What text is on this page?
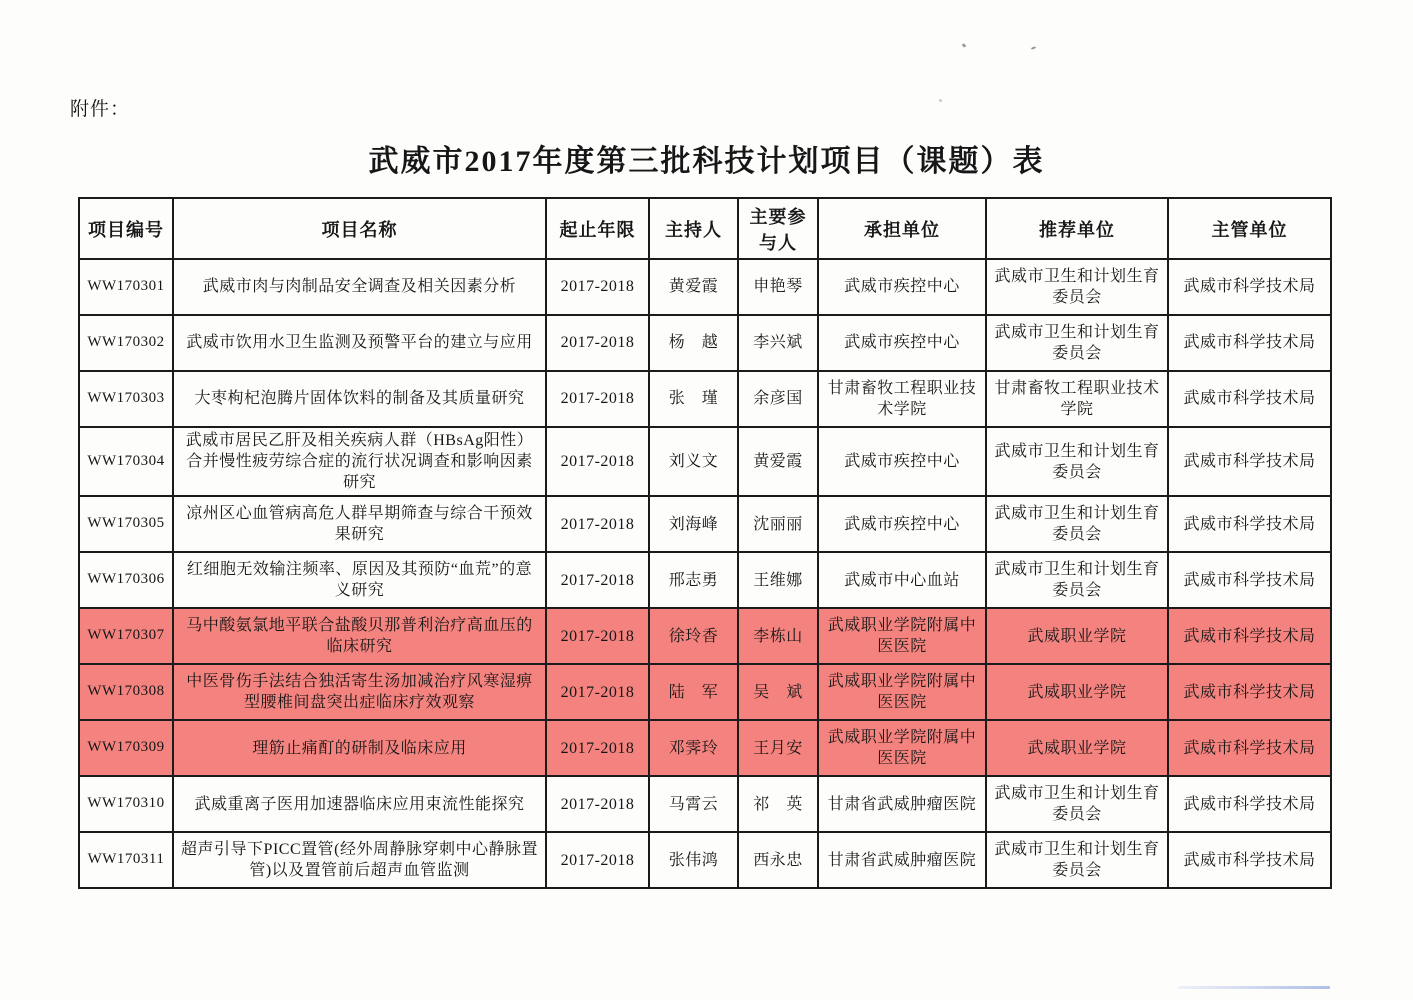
附件：
武威市2017年度第三批科技计划项目（课题）表
项目编号	项目名称	起止年限	主持人	主要参与人	承担单位	推荐单位	主管单位
WW170301	武威市肉与肉制品安全调查及相关因素分析	2017-2018	黄爱霞	申艳琴	武威市疾控中心	武威市卫生和计划生育委员会	武威市科学技术局
WW170302	武威市饮用水卫生监测及预警平台的建立与应用	2017-2018	杨　越	李兴斌	武威市疾控中心	武威市卫生和计划生育委员会	武威市科学技术局
WW170303	大枣枸杞泡腾片固体饮料的制备及其质量研究	2017-2018	张　瑾	余彦国	甘肃畜牧工程职业技术学院	甘肃畜牧工程职业技术学院	武威市科学技术局
WW170304	武威市居民乙肝及相关疾病人群（HBsAg阳性）合并慢性疲劳综合症的流行状况调查和影响因素研究	2017-2018	刘义文	黄爱霞	武威市疾控中心	武威市卫生和计划生育委员会	武威市科学技术局
WW170305	凉州区心血管病高危人群早期筛查与综合干预效果研究	2017-2018	刘海峰	沈丽丽	武威市疾控中心	武威市卫生和计划生育委员会	武威市科学技术局
WW170306	红细胞无效输注频率、原因及其预防“血荒”的意义研究	2017-2018	邢志勇	王维娜	武威市中心血站	武威市卫生和计划生育委员会	武威市科学技术局
WW170307	马中酸氨氯地平联合盐酸贝那普利治疗高血压的临床研究	2017-2018	徐玲香	李栋山	武威职业学院附属中医医院	武威职业学院	武威市科学技术局
WW170308	中医骨伤手法结合独活寄生汤加减治疗风寒湿痹型腰椎间盘突出症临床疗效观察	2017-2018	陆　军	吴　斌	武威职业学院附属中医医院	武威职业学院	武威市科学技术局
WW170309	理筋止痛酊的研制及临床应用	2017-2018	邓霁玲	王月安	武威职业学院附属中医医院	武威职业学院	武威市科学技术局
WW170310	武威重离子医用加速器临床应用束流性能探究	2017-2018	马霄云	祁　英	甘肃省武威肿瘤医院	武威市卫生和计划生育委员会	武威市科学技术局
WW170311	超声引导下PICC置管(经外周静脉穿刺中心静脉置管)以及置管前后超声血管监测	2017-2018	张伟鸿	西永忠	甘肃省武威肿瘤医院	武威市卫生和计划生育委员会	武威市科学技术局
